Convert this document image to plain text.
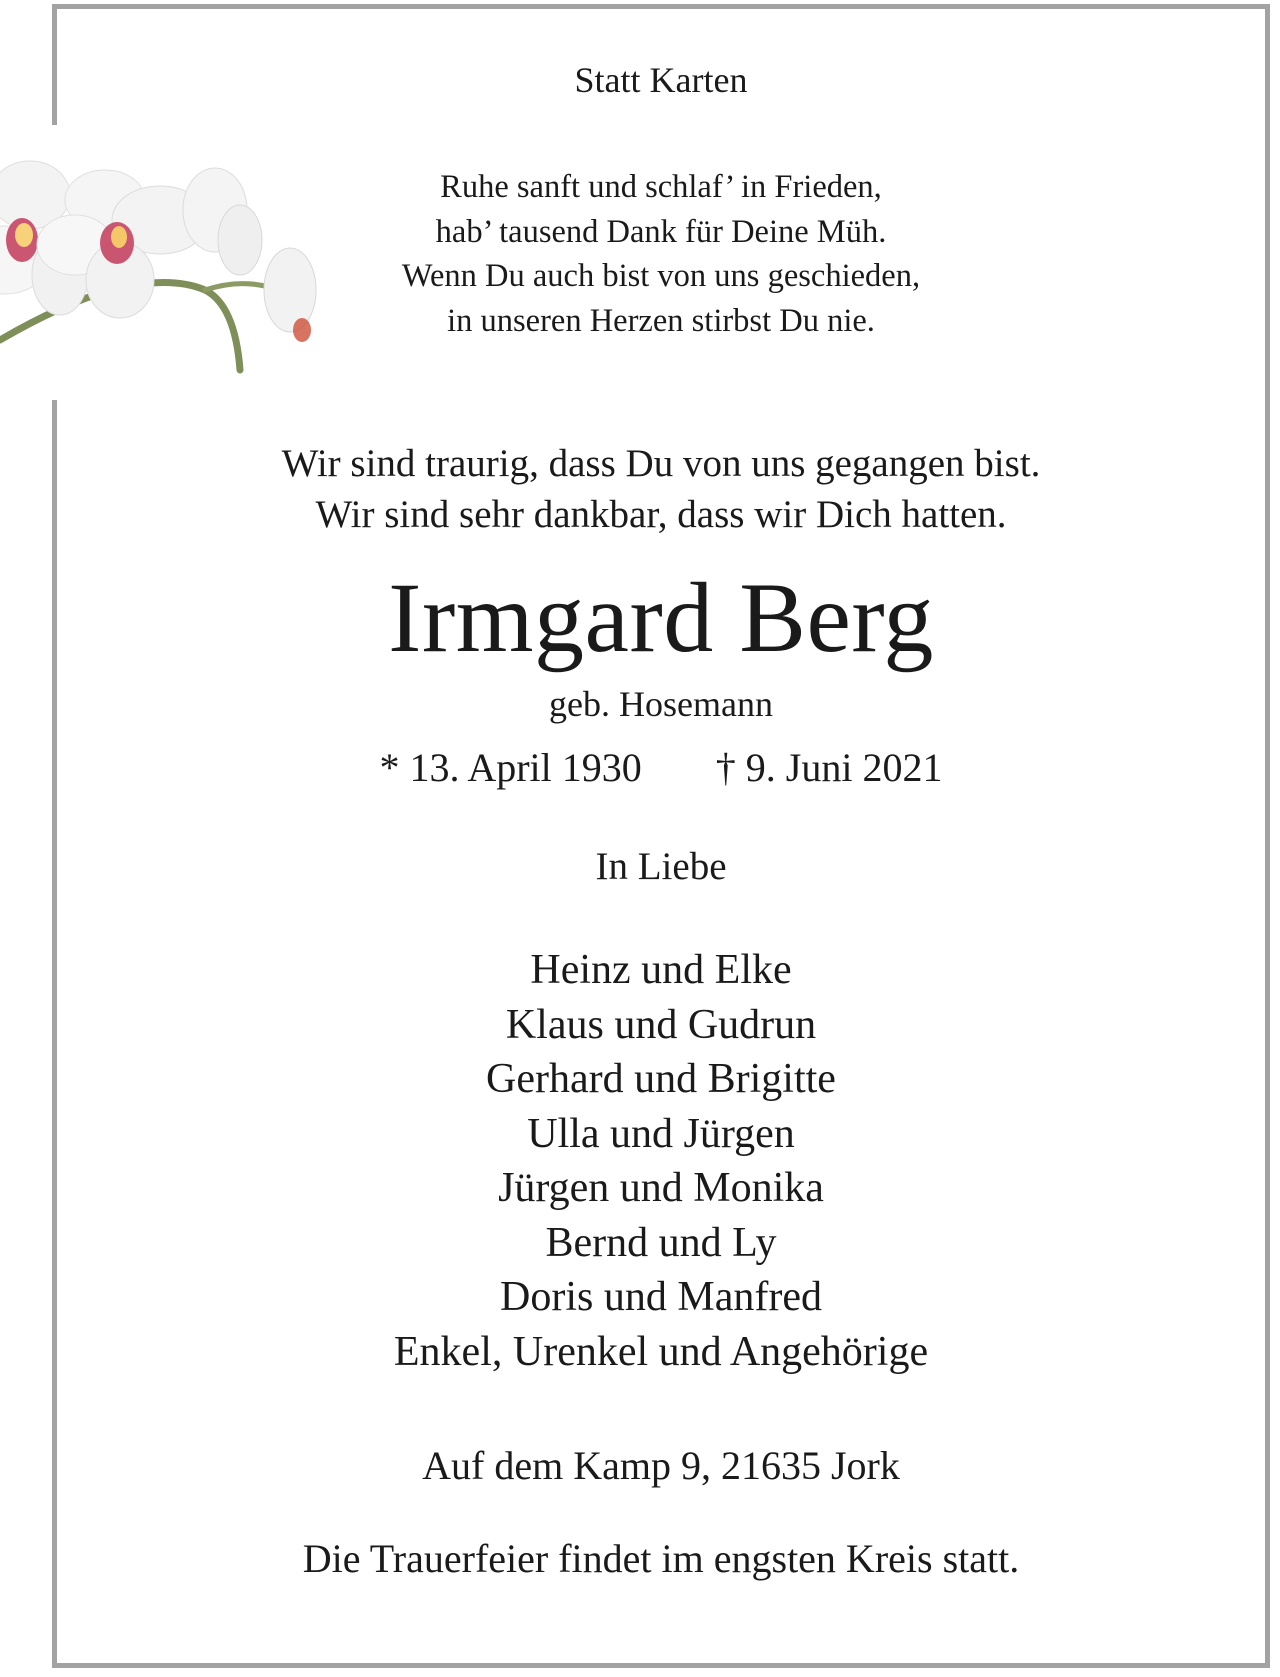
Statt Karten

Ruhe sanft und schlaf’ in Frieden,
hab’ tausend Dank für Deine Müh.
Wenn Du auch bist von uns geschieden,
in unseren Herzen stirbst Du nie.
Wir sind traurig, dass Du von uns gegangen bist.
Wir sind sehr dankbar, dass wir Dich hatten.

Irmgard Berg

geb. Hosemann

* 13. April 1930 † 9. Juni 2021

In Liebe

Heinz und Elke
Klaus und Gudrun
Gerhard und Brigitte
Ulla und Jürgen
Jürgen und Monika
Bernd und Ly
Doris und Manfred
Enkel, Urenkel und Angehörige

Auf dem Kamp 9, 21635 Jork

Die Trauerfeier findet im engsten Kreis statt.
